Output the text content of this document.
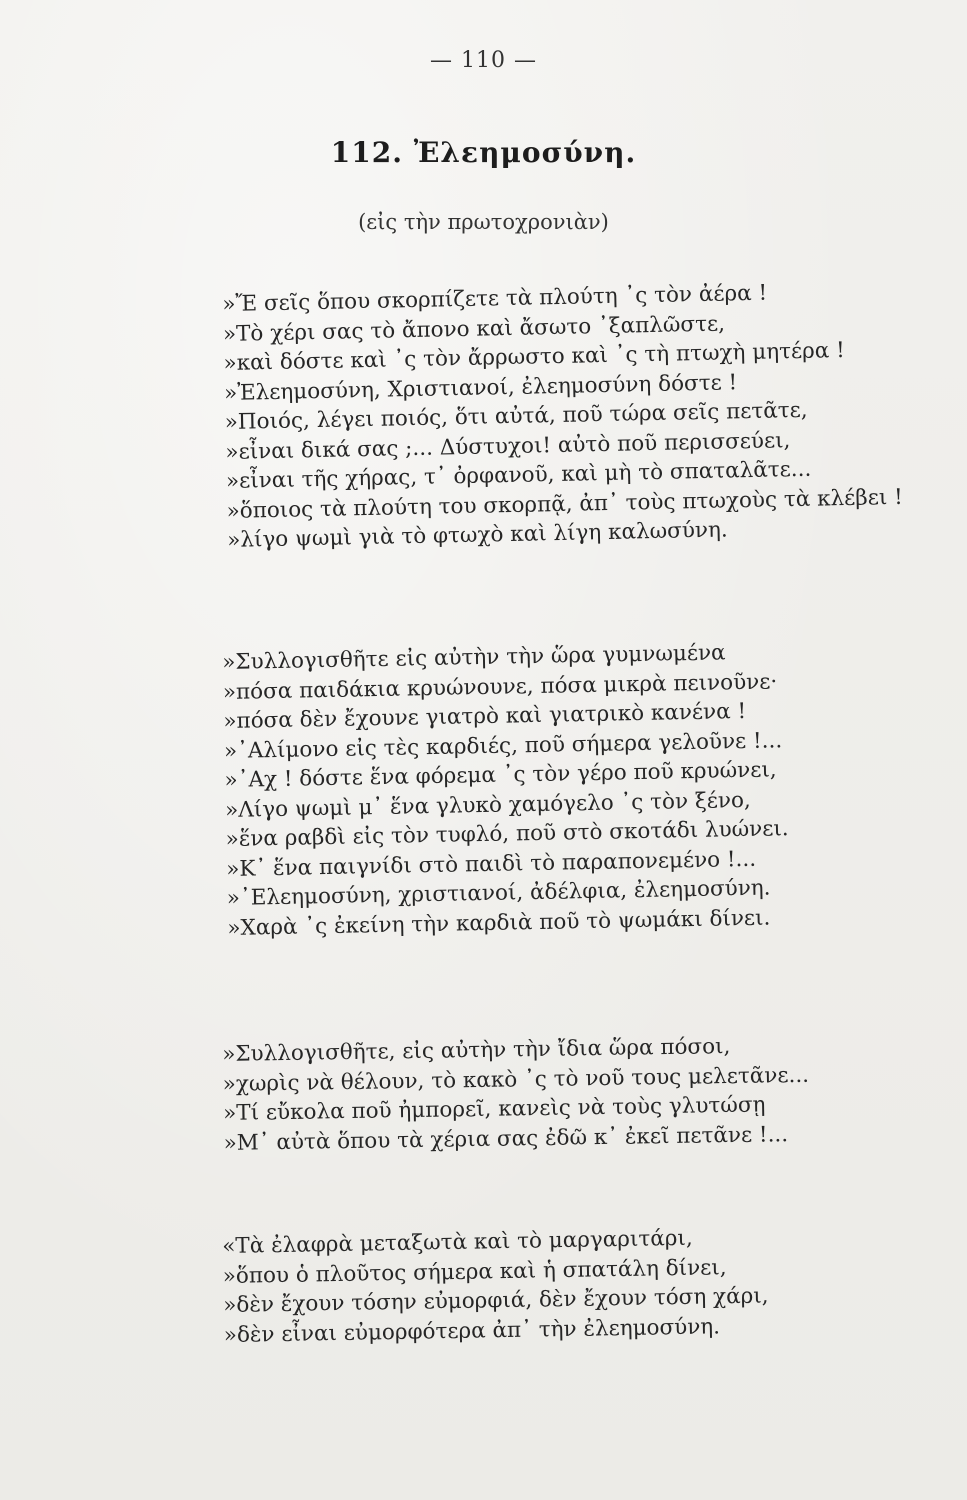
— 110 —
112. Ἐλεημοσύνη.
(εἰς τὴν πρωτοχρονιὰν)
»Ἔ σεῖς ὅπου σκορπίζετε τὰ πλούτη ᾽ς τὸν ἀέρα !
»Τὸ χέρι σας τὸ ἄπονο καὶ ἄσωτο ᾽ξαπλῶστε,
»καὶ δόστε καὶ ᾽ς τὸν ἄρρωστο καὶ ᾽ς τὴ πτωχὴ μητέρα !
»Ἐλεημοσύνη, Χριστιανοί, ἐλεημοσύνη δόστε !
»Ποιός, λέγει ποιός, ὅτι αὐτά, ποῦ τώρα σεῖς πετᾶτε,
»εἶναι δικά σας ;... Δύστυχοι! αὐτὸ ποῦ περισσεύει,
»εἶναι τῆς χήρας, τ᾽ ὀρφανοῦ, καὶ μὴ τὸ σπαταλᾶτε...
»ὅποιος τὰ πλούτη του σκορπᾷ, ἀπ᾽ τοὺς πτωχοὺς τὰ κλέβει !
»λίγο ψωμὶ γιὰ τὸ φτωχὸ καὶ λίγη καλωσύνη.
»Συλλογισθῆτε εἰς αὐτὴν τὴν ὥρα γυμνωμένα
»πόσα παιδάκια κρυώνουνε, πόσα μικρὰ πεινοῦνε·
»πόσα δὲν ἔχουνε γιατρὸ καὶ γιατρικὸ κανένα !
»᾽Αλίμονο εἰς τὲς καρδιές, ποῦ σήμερα γελοῦνε !...
»᾽Αχ ! δόστε ἕνα φόρεμα ᾽ς τὸν γέρο ποῦ κρυώνει,
»Λίγο ψωμὶ μ᾽ ἕνα γλυκὸ χαμόγελο ᾽ς τὸν ξένο,
»ἕνα ραβδὶ εἰς τὸν τυφλό, ποῦ στὸ σκοτάδι λυώνει.
»Κ᾽ ἕνα παιγνίδι στὸ παιδὶ τὸ παραπονεμένο !...
»᾽Ελεημοσύνη, χριστιανοί, ἀδέλφια, ἐλεημοσύνη.
»Χαρὰ ᾽ς ἐκείνη τὴν καρδιὰ ποῦ τὸ ψωμάκι δίνει.
»Συλλογισθῆτε, εἰς αὐτὴν τὴν ἴδια ὥρα πόσοι,
»χωρὶς νὰ θέλουν, τὸ κακὸ ᾽ς τὸ νοῦ τους μελετᾶνε...
»Τί εὔκολα ποῦ ἠμπορεῖ, κανεὶς νὰ τοὺς γλυτώσῃ
»Μ᾽ αὐτὰ ὅπου τὰ χέρια σας ἐδῶ κ᾽ ἐκεῖ πετᾶνε !...
«Τὰ ἐλαφρὰ μεταξωτὰ καὶ τὸ μαργαριτάρι,
»ὅπου ὁ πλοῦτος σήμερα καὶ ἡ σπατάλη δίνει,
»δὲν ἔχουν τόσην εὐμορφιά, δὲν ἔχουν τόση χάρι,
»δὲν εἶναι εὐμορφότερα ἀπ᾽ τὴν ἐλεημοσύνη.
